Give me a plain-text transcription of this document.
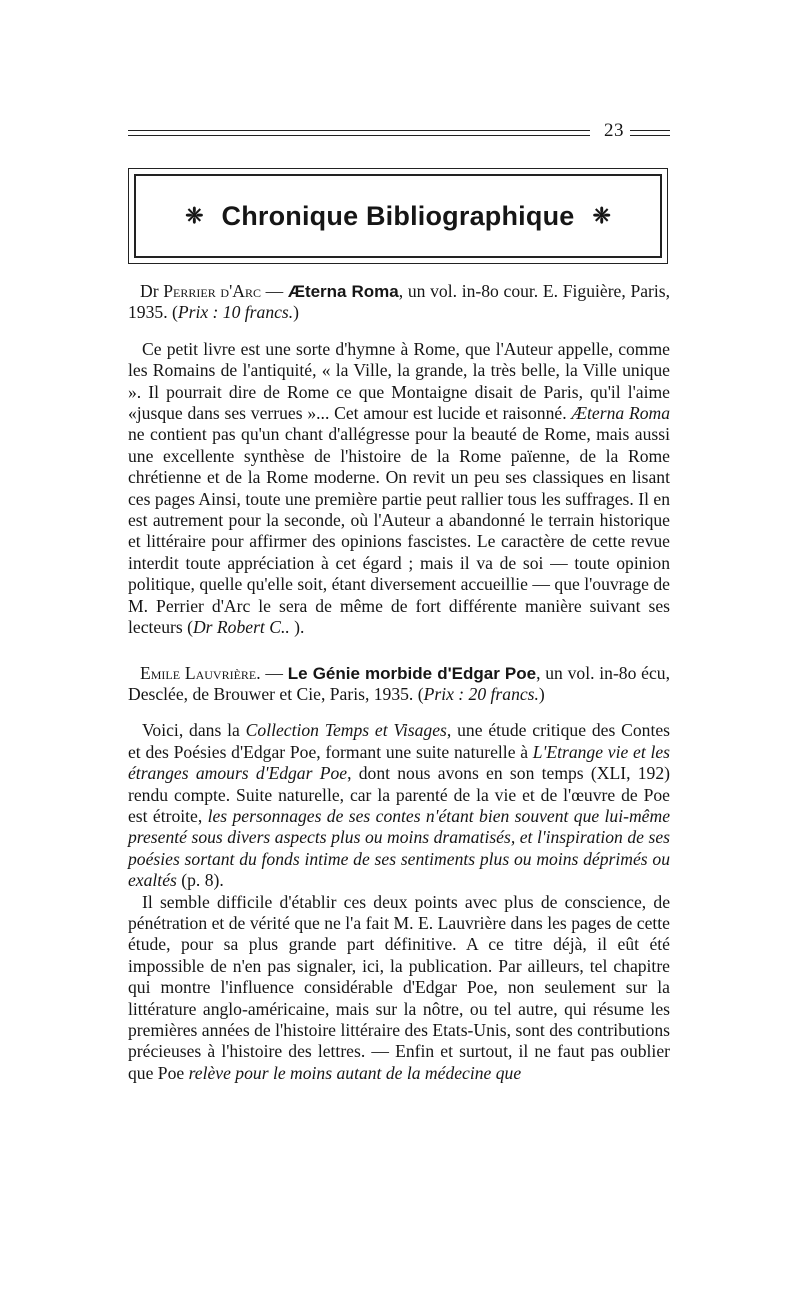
23
❈ Chronique Bibliographique ❈

Dr Perrier d'Arc — Æterna Roma, un vol. in-8o cour. E. Figuière, Paris, 1935. (Prix : 10 francs.)

Ce petit livre est une sorte d'hymne à Rome, que l'Auteur appelle, comme les Romains de l'antiquité, « la Ville, la grande, la très belle, la Ville unique ». Il pourrait dire de Rome ce que Montaigne disait de Paris, qu'il l'aime «jusque dans ses verrues »... Cet amour est lucide et raisonné. Æterna Roma ne contient pas qu'un chant d'allégresse pour la beauté de Rome, mais aussi une excellente synthèse de l'histoire de la Rome païenne, de la Rome chrétienne et de la Rome moderne. On revit un peu ses classiques en lisant ces pages Ainsi, toute une première partie peut rallier tous les suffrages. Il en est autrement pour la seconde, où l'Auteur a abandonné le terrain historique et littéraire pour affirmer des opinions fascistes. Le caractère de cette revue interdit toute appréciation à cet égard ; mais il va de soi — toute opinion politique, quelle qu'elle soit, étant diversement accueillie — que l'ouvrage de M. Perrier d'Arc le sera de même de fort différente manière suivant ses lecteurs (Dr Robert C.. ).

Emile Lauvrière. — Le Génie morbide d'Edgar Poe, un vol. in-8o écu, Desclée, de Brouwer et Cie, Paris, 1935. (Prix : 20 francs.)

Voici, dans la Collection Temps et Visages, une étude critique des Contes et des Poésies d'Edgar Poe, formant une suite naturelle à L'Etrange vie et les étranges amours d'Edgar Poe, dont nous avons en son temps (XLI, 192) rendu compte. Suite naturelle, car la parenté de la vie et de l'œuvre de Poe est étroite, les personnages de ses contes n'étant bien souvent que lui-même presenté sous divers aspects plus ou moins dramatisés, et l'inspiration de ses poésies sortant du fonds intime de ses sentiments plus ou moins déprimés ou exaltés (p. 8).

Il semble difficile d'établir ces deux points avec plus de conscience, de pénétration et de vérité que ne l'a fait M. E. Lauvrière dans les pages de cette étude, pour sa plus grande part définitive. A ce titre déjà, il eût été impossible de n'en pas signaler, ici, la publication. Par ailleurs, tel chapitre qui montre l'influence considérable d'Edgar Poe, non seulement sur la littérature anglo-américaine, mais sur la nôtre, ou tel autre, qui résume les premières années de l'histoire littéraire des Etats-Unis, sont des contributions précieuses à l'histoire des lettres. — Enfin et surtout, il ne faut pas oublier que Poe relève pour le moins autant de la médecine que
